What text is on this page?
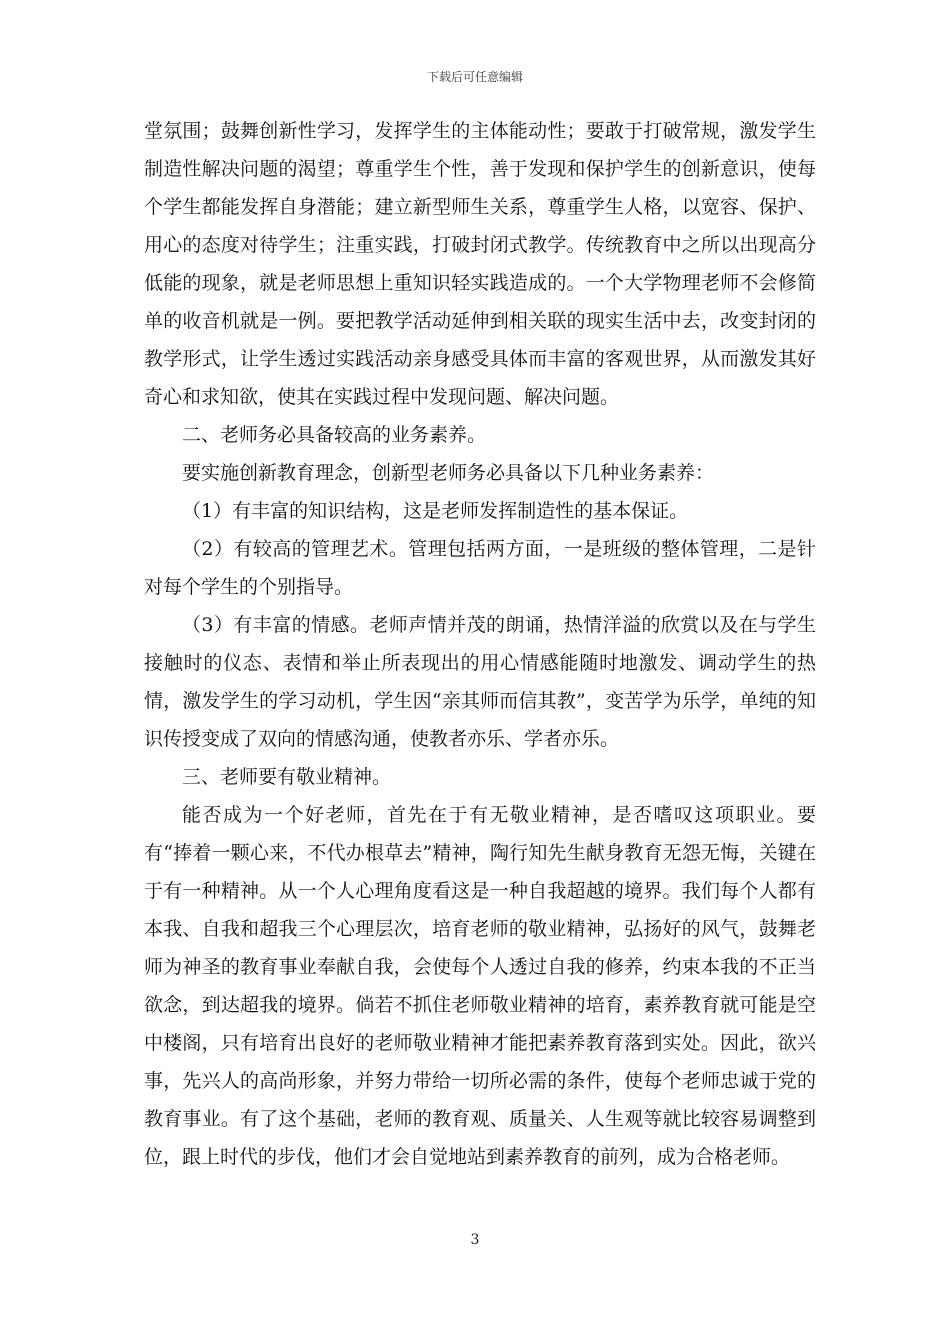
下载后可任意编辑

堂氛围；鼓舞创新性学习，发挥学生的主体能动性；要敢于打破常规，激发学生制造性解决问题的渴望；尊重学生个性，善于发现和保护学生的创新意识，使每个学生都能发挥自身潜能；建立新型师生关系，尊重学生人格，以宽容、保护、用心的态度对待学生；注重实践，打破封闭式教学。传统教育中之所以出现高分低能的现象，就是老师思想上重知识轻实践造成的。一个大学物理老师不会修简单的收音机就是一例。要把教学活动延伸到相关联的现实生活中去，改变封闭的教学形式，让学生透过实践活动亲身感受具体而丰富的客观世界，从而激发其好奇心和求知欲，使其在实践过程中发现问题、解决问题。

二、老师务必具备较高的业务素养。

要实施创新教育理念，创新型老师务必具备以下几种业务素养：

（1）有丰富的知识结构，这是老师发挥制造性的基本保证。

（2）有较高的管理艺术。管理包括两方面，一是班级的整体管理，二是针对每个学生的个别指导。

（3）有丰富的情感。老师声情并茂的朗诵，热情洋溢的欣赏以及在与学生接触时的仪态、表情和举止所表现出的用心情感能随时地激发、调动学生的热情，激发学生的学习动机，学生因“亲其师而信其教”，变苦学为乐学，单纯的知识传授变成了双向的情感沟通，使教者亦乐、学者亦乐。

三、老师要有敬业精神。

能否成为一个好老师，首先在于有无敬业精神，是否嗜叹这项职业。要有“捧着一颗心来，不代办根草去”精神，陶行知先生献身教育无怨无悔，关键在于有一种精神。从一个人心理角度看这是一种自我超越的境界。我们每个人都有本我、自我和超我三个心理层次，培育老师的敬业精神，弘扬好的风气，鼓舞老师为神圣的教育事业奉献自我，会使每个人透过自我的修养，约束本我的不正当欲念，到达超我的境界。倘若不抓住老师敬业精神的培育，素养教育就可能是空中楼阁，只有培育出良好的老师敬业精神才能把素养教育落到实处。因此，欲兴事，先兴人的高尚形象，并努力带给一切所必需的条件，使每个老师忠诚于党的教育事业。有了这个基础，老师的教育观、质量关、人生观等就比较容易调整到位，跟上时代的步伐，他们才会自觉地站到素养教育的前列，成为合格老师。

3
